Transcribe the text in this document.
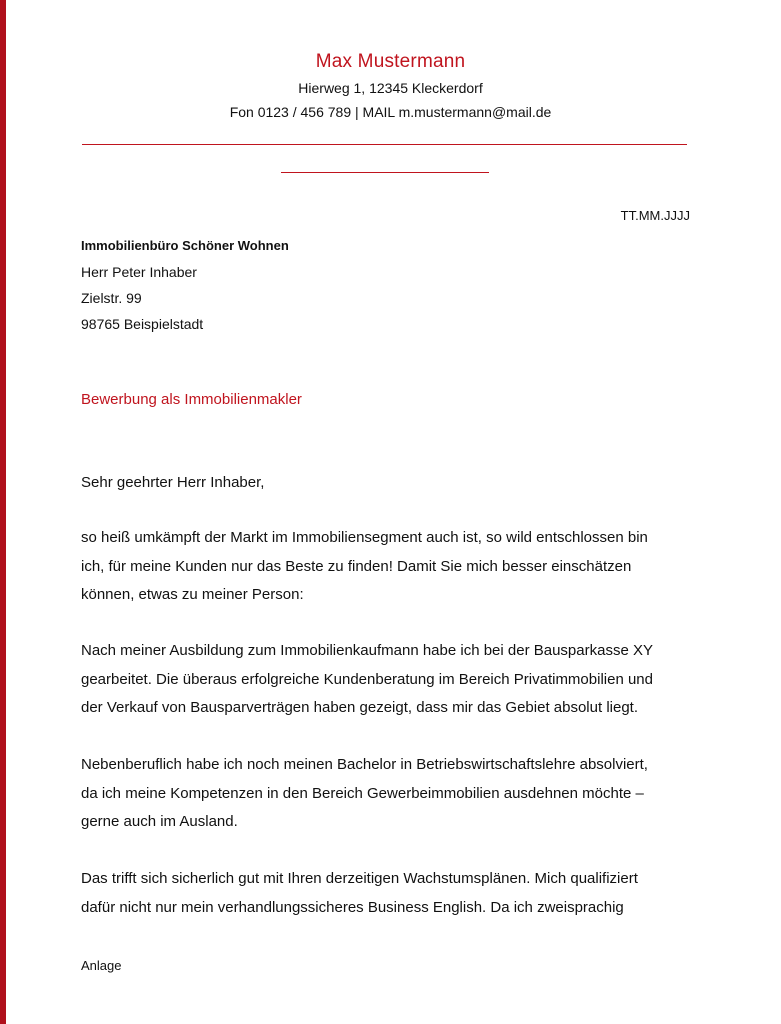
Max Mustermann
Hierweg 1, 12345 Kleckerdorf
Fon 0123 / 456 789 | MAIL m.mustermann@mail.de
TT.MM.JJJJ
Immobilienbüro Schöner Wohnen
Herr Peter Inhaber
Zielstr. 99
98765 Beispielstadt
Bewerbung als Immobilienmakler
Sehr geehrter Herr Inhaber,
so heiß umkämpft der Markt im Immobiliensegment auch ist, so wild entschlossen bin
ich, für meine Kunden nur das Beste zu finden! Damit Sie mich besser einschätzen
können, etwas zu meiner Person:
Nach meiner Ausbildung zum Immobilienkaufmann habe ich bei der Bausparkasse XY
gearbeitet. Die überaus erfolgreiche Kundenberatung im Bereich Privatimmobilien und
der Verkauf von Bausparverträgen haben gezeigt, dass mir das Gebiet absolut liegt.
Nebenberuflich habe ich noch meinen Bachelor in Betriebswirtschaftslehre absolviert,
da ich meine Kompetenzen in den Bereich Gewerbeimmobilien ausdehnen möchte –
gerne auch im Ausland.
Das trifft sich sicherlich gut mit Ihren derzeitigen Wachstumsplänen. Mich qualifiziert
dafür nicht nur mein verhandlungssicheres Business English. Da ich zweisprachig
Anlage
